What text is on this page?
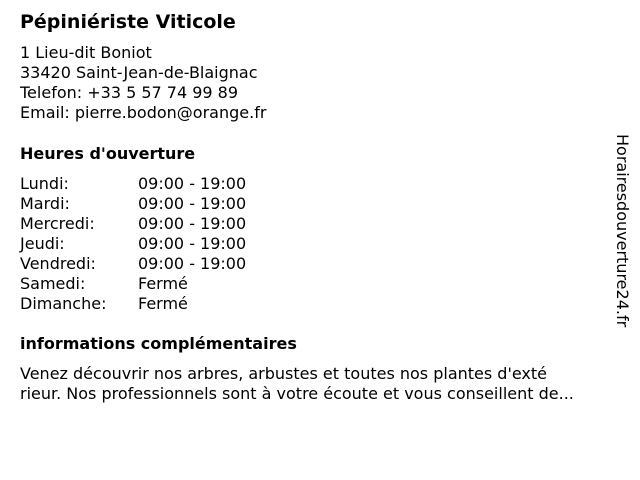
Pépiniériste Viticole
1 Lieu-dit Boniot
33420 Saint-Jean-de-Blaignac
Telefon: +33 5 57 74 99 89
Email: pierre.bodon@orange.fr
Heures d'ouverture
Lundi:	09:00 - 19:00
Mardi:	09:00 - 19:00
Mercredi:	09:00 - 19:00
Jeudi:	09:00 - 19:00
Vendredi:	09:00 - 19:00
Samedi:	Fermé
Dimanche:	Fermé
informations complémentaires
Venez découvrir nos arbres, arbustes et toutes nos plantes d'exté
rieur. Nos professionnels sont à votre écoute et vous conseillent de...
Horairesdouverture24.fr
